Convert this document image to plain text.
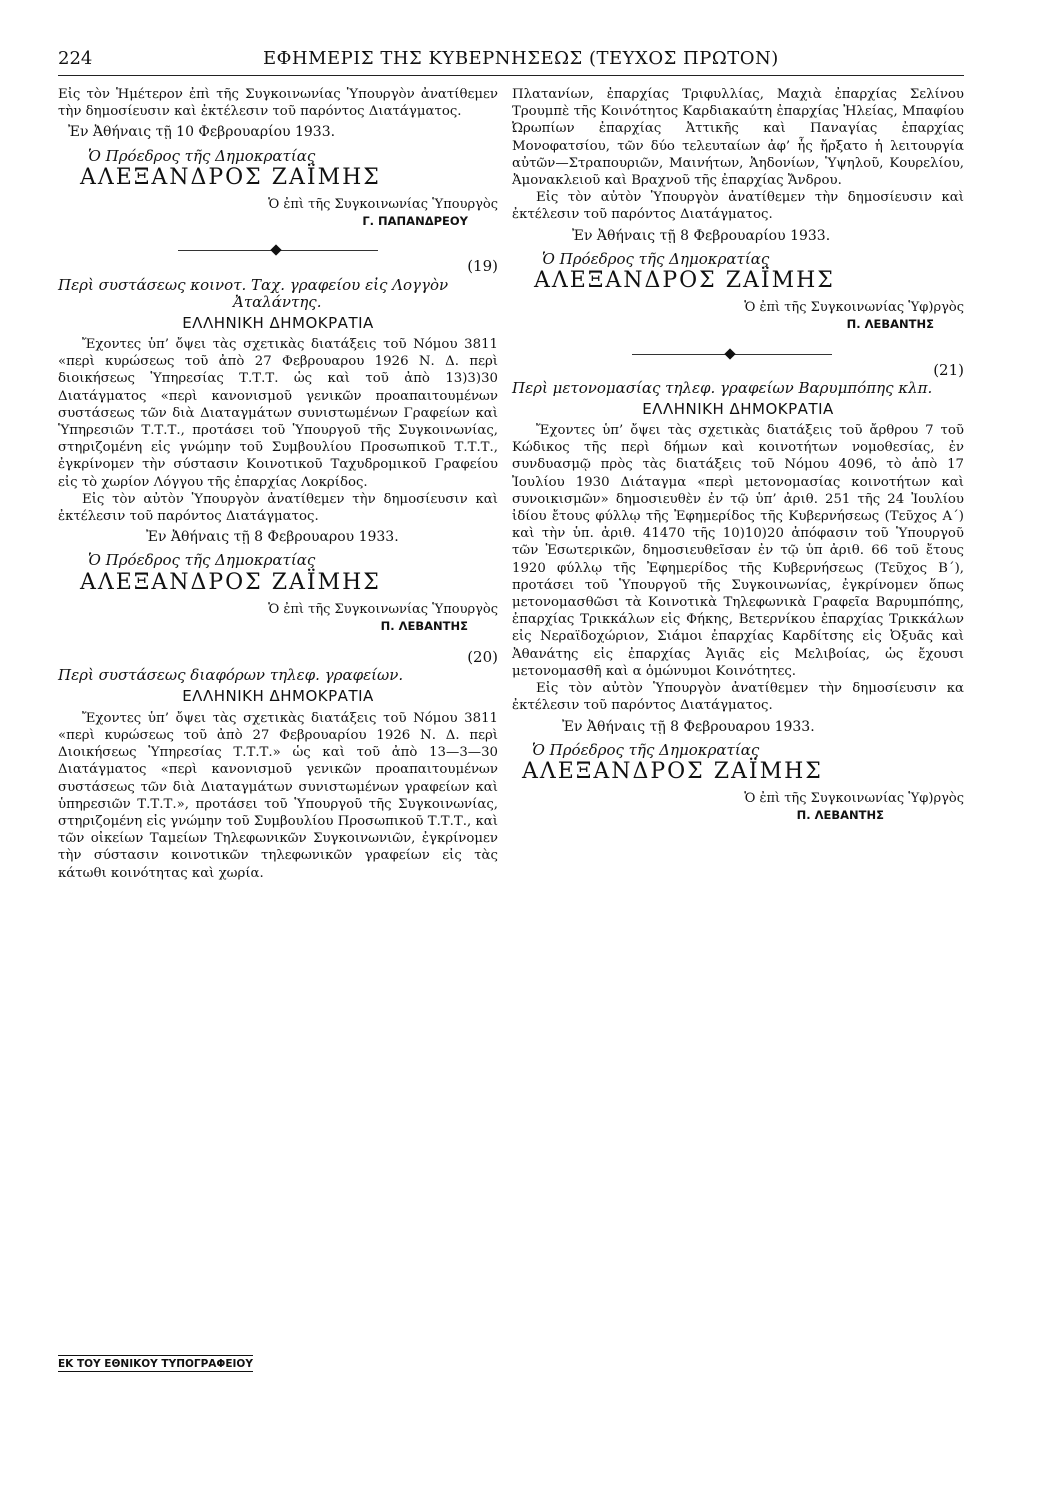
224	ΕΦΗΜΕΡΙΣ ΤΗΣ ΚΥΒΕΡΝΗΣΕΩΣ (ΤΕΥΧΟΣ ΠΡΩΤΟΝ)

Εἰς τὸν Ἡμέτερον ἐπὶ τῆς Συγκοινωνίας Ὑπουργὸν ἀνατίθεμεν τὴν δημοσίευσιν καὶ ἐκτέλεσιν τοῦ παρόντος Διατάγματος.

Ἐν Ἀθήναις τῇ 10 Φεβρουαρίου 1933.

Ὁ Πρόεδρος τῆς Δημοκρατίας

ΑΛΕΞΑΝΔΡΟΣ ΖΑΪΜΗΣ

Ὁ ἐπὶ τῆς Συγκοινωνίας Ὑπουργὸς

Γ. ΠΑΠΑΝΔΡΕΟΥ

(19)

Περὶ συστάσεως κοινοτ. Ταχ. γραφείου εἰς Λογγὸν

Ἀταλάντης.

ΕΛΛΗΝΙΚΗ ΔΗΜΟΚΡΑΤΙΑ

Ἔχοντες ὑπ’ ὄψει τὰς σχετικὰς διατάξεις τοῦ Νόμου 3811 «περὶ κυρώσεως τοῦ ἀπὸ 27 Φεβρουαρου 1926 Ν. Δ. περὶ διοικήσεως Ὑπηρεσίας Τ.Τ.Τ. ὡς καὶ τοῦ ἀπὸ 13)3)30 Διατάγματος «περὶ κανονισμοῦ γενικῶν προαπαιτουμένων συστάσεως τῶν διὰ Διαταγμάτων συνιστωμένων Γραφείων καὶ Ὑπηρεσιῶν Τ.Τ.Τ., προτάσει τοῦ Ὑπουργοῦ τῆς Συγκοινωνίας, στηριζομένη εἰς γνώμην τοῦ Συμβουλίου Προσωπικοῦ Τ.Τ.Τ., ἐγκρίνομεν τὴν σύστασιν Κοινοτικοῦ Ταχυδρομικοῦ Γραφείου εἰς τὸ χωρίον Λόγγου τῆς ἐπαρχίας Λοκρίδος.

Εἰς τὸν αὐτὸν Ὑπουργὸν ἀνατίθεμεν τὴν δημοσίευσιν καὶ ἐκτέλεσιν τοῦ παρόντος Διατάγματος.

Ἐν Ἀθήναις τῇ 8 Φεβρουαρου 1933.

Ὁ Πρόεδρος τῆς Δημοκρατίας

ΑΛΕΞΑΝΔΡΟΣ ΖΑΪΜΗΣ

Ὁ ἐπὶ τῆς Συγκοινωνίας Ὑπουργὸς

Π. ΛΕΒΑΝΤΗΣ

(20)

Περὶ συστάσεως διαφόρων τηλεφ. γραφείων.

ΕΛΛΗΝΙΚΗ ΔΗΜΟΚΡΑΤΙΑ

Ἔχοντες ὑπ’ ὄψει τὰς σχετικὰς διατάξεις τοῦ Νόμου 3811 «περὶ κυρώσεως τοῦ ἀπὸ 27 Φεβρουαρίου 1926 Ν. Δ. περὶ Διοικήσεως Ὑπηρεσίας Τ.Τ.Τ.» ὡς καὶ τοῦ ἀπὸ 13—3—30 Διατάγματος «περὶ κανονισμοῦ γενικῶν προαπαιτουμένων συστάσεως τῶν διὰ Διαταγμάτων συνιστωμένων γραφείων καὶ ὑπηρεσιῶν Τ.Τ.Τ.», προτάσει τοῦ Ὑπουργοῦ τῆς Συγκοινωνίας, στηριζομένη εἰς γνώμην τοῦ Συμβουλίου Προσωπικοῦ Τ.Τ.Τ., καὶ τῶν οἰκείων Ταμείων Τηλεφωνικῶν Συγκοινωνιῶν, ἐγκρίνομεν τὴν σύστασιν κοινοτικῶν τηλεφωνικῶν γραφείων εἰς τὰς κάτωθι κοινότητας καὶ χωρία.

Πλατανίων, ἐπαρχίας Τριφυλλίας, Μαχιὰ ἐπαρχίας Σελίνου Τρουμπὲ τῆς Κοινότητος Καρδιακαύτη ἐπαρχίας Ἠλείας, Μπαφίου Ὠρωπίων ἐπαρχίας Ἀττικῆς καὶ Παναγίας ἐπαρχίας Μονοφατσίου, τῶν δύο τελευταίων ἀφ’ ἧς ἤρξατο ἡ λειτουργία αὐτῶν—Στραπουριῶν, Μαινήτων, Ἀηδονίων, Ὑψηλοῦ, Κουρελίου, Ἀμονακλειοῦ καὶ Βραχνοῦ τῆς ἐπαρχίας Ἄνδρου.

Εἰς τὸν αὐτὸν Ὑπουργὸν ἀνατίθεμεν τὴν δημοσίευσιν καὶ ἐκτέλεσιν τοῦ παρόντος Διατάγματος.

Ἐν Ἀθήναις τῇ 8 Φεβρουαρίου 1933.

Ὁ Πρόεδρος τῆς Δημοκρατίας

ΑΛΕΞΑΝΔΡΟΣ ΖΑΪΜΗΣ

Ὁ ἐπὶ τῆς Συγκοινωνίας Ὑφ)ργὸς

Π. ΛΕΒΑΝΤΗΣ

(21)

Περὶ μετονομασίας τηλεφ. γραφείων Βαρυμπόπης κλπ.

ΕΛΛΗΝΙΚΗ ΔΗΜΟΚΡΑΤΙΑ

Ἔχοντες ὑπ’ ὄψει τὰς σχετικὰς διατάξεις τοῦ ἄρθρου 7 τοῦ Κώδικος τῆς περὶ δήμων καὶ κοινοτήτων νομοθεσίας, ἐν συνδυασμῷ πρὸς τὰς διατάξεις τοῦ Νόμου 4096, τὸ ἀπὸ 17 Ἰουλίου 1930 Διάταγμα «περὶ μετονομασίας κοινοτήτων καὶ συνοικισμῶν» δημοσιευθὲν ἐν τῷ ὑπ’ ἀριθ. 251 τῆς 24 Ἰουλίου ἰδίου ἔτους φύλλῳ τῆς Ἐφημερίδος τῆς Κυβερνήσεως (Τεῦχος Α΄) καὶ τὴν ὑπ. ἀριθ. 41470 τῆς 10)10)20 ἀπόφασιν τοῦ Ὑπουργοῦ τῶν Ἐσωτερικῶν, δημοσιευθεῖσαν ἐν τῷ ὑπ ἀριθ. 66 τοῦ ἔτους 1920 φύλλῳ τῆς Ἐφημερίδος τῆς Κυβερνήσεως (Τεῦχος Β΄), προτάσει τοῦ Ὑπουργοῦ τῆς Συγκοινωνίας, ἐγκρίνομεν ὅπως μετονομασθῶσι τὰ Κοινοτικὰ Τηλεφωνικὰ Γραφεῖα Βαρυμπόπης, ἐπαρχίας Τρικκάλων εἰς Φήκης, Βετερνίκου ἐπαρχίας Τρικκάλων εἰς Νεραϊδοχώριον, Σιάμοι ἐπαρχίας Καρδίτσης εἰς Ὀξυᾶς καὶ Ἀθανάτης εἰς ἐπαρχίας Ἀγιᾶς εἰς Μελιβοίας, ὡς ἔχουσι μετονομασθῆ καὶ α ὁμώνυμοι Κοινότητες.

Εἰς τὸν αὐτὸν Ὑπουργὸν ἀνατίθεμεν τὴν δημοσίευσιν κα ἐκτέλεσιν τοῦ παρόντος Διατάγματος.

Ἐν Ἀθήναις τῇ 8 Φεβρουαρου 1933.

Ὁ Πρόεδρος τῆς Δημοκρατίας

ΑΛΕΞΑΝΔΡΟΣ ΖΑΪΜΗΣ

Ὁ ἐπὶ τῆς Συγκοινωνίας Ὑφ)ργὸς

Π. ΛΕΒΑΝΤΗΣ

ΕΚ ΤΟΥ ΕΘΝΙΚΟΥ ΤΥΠΟΓΡΑΦΕΙΟΥ
